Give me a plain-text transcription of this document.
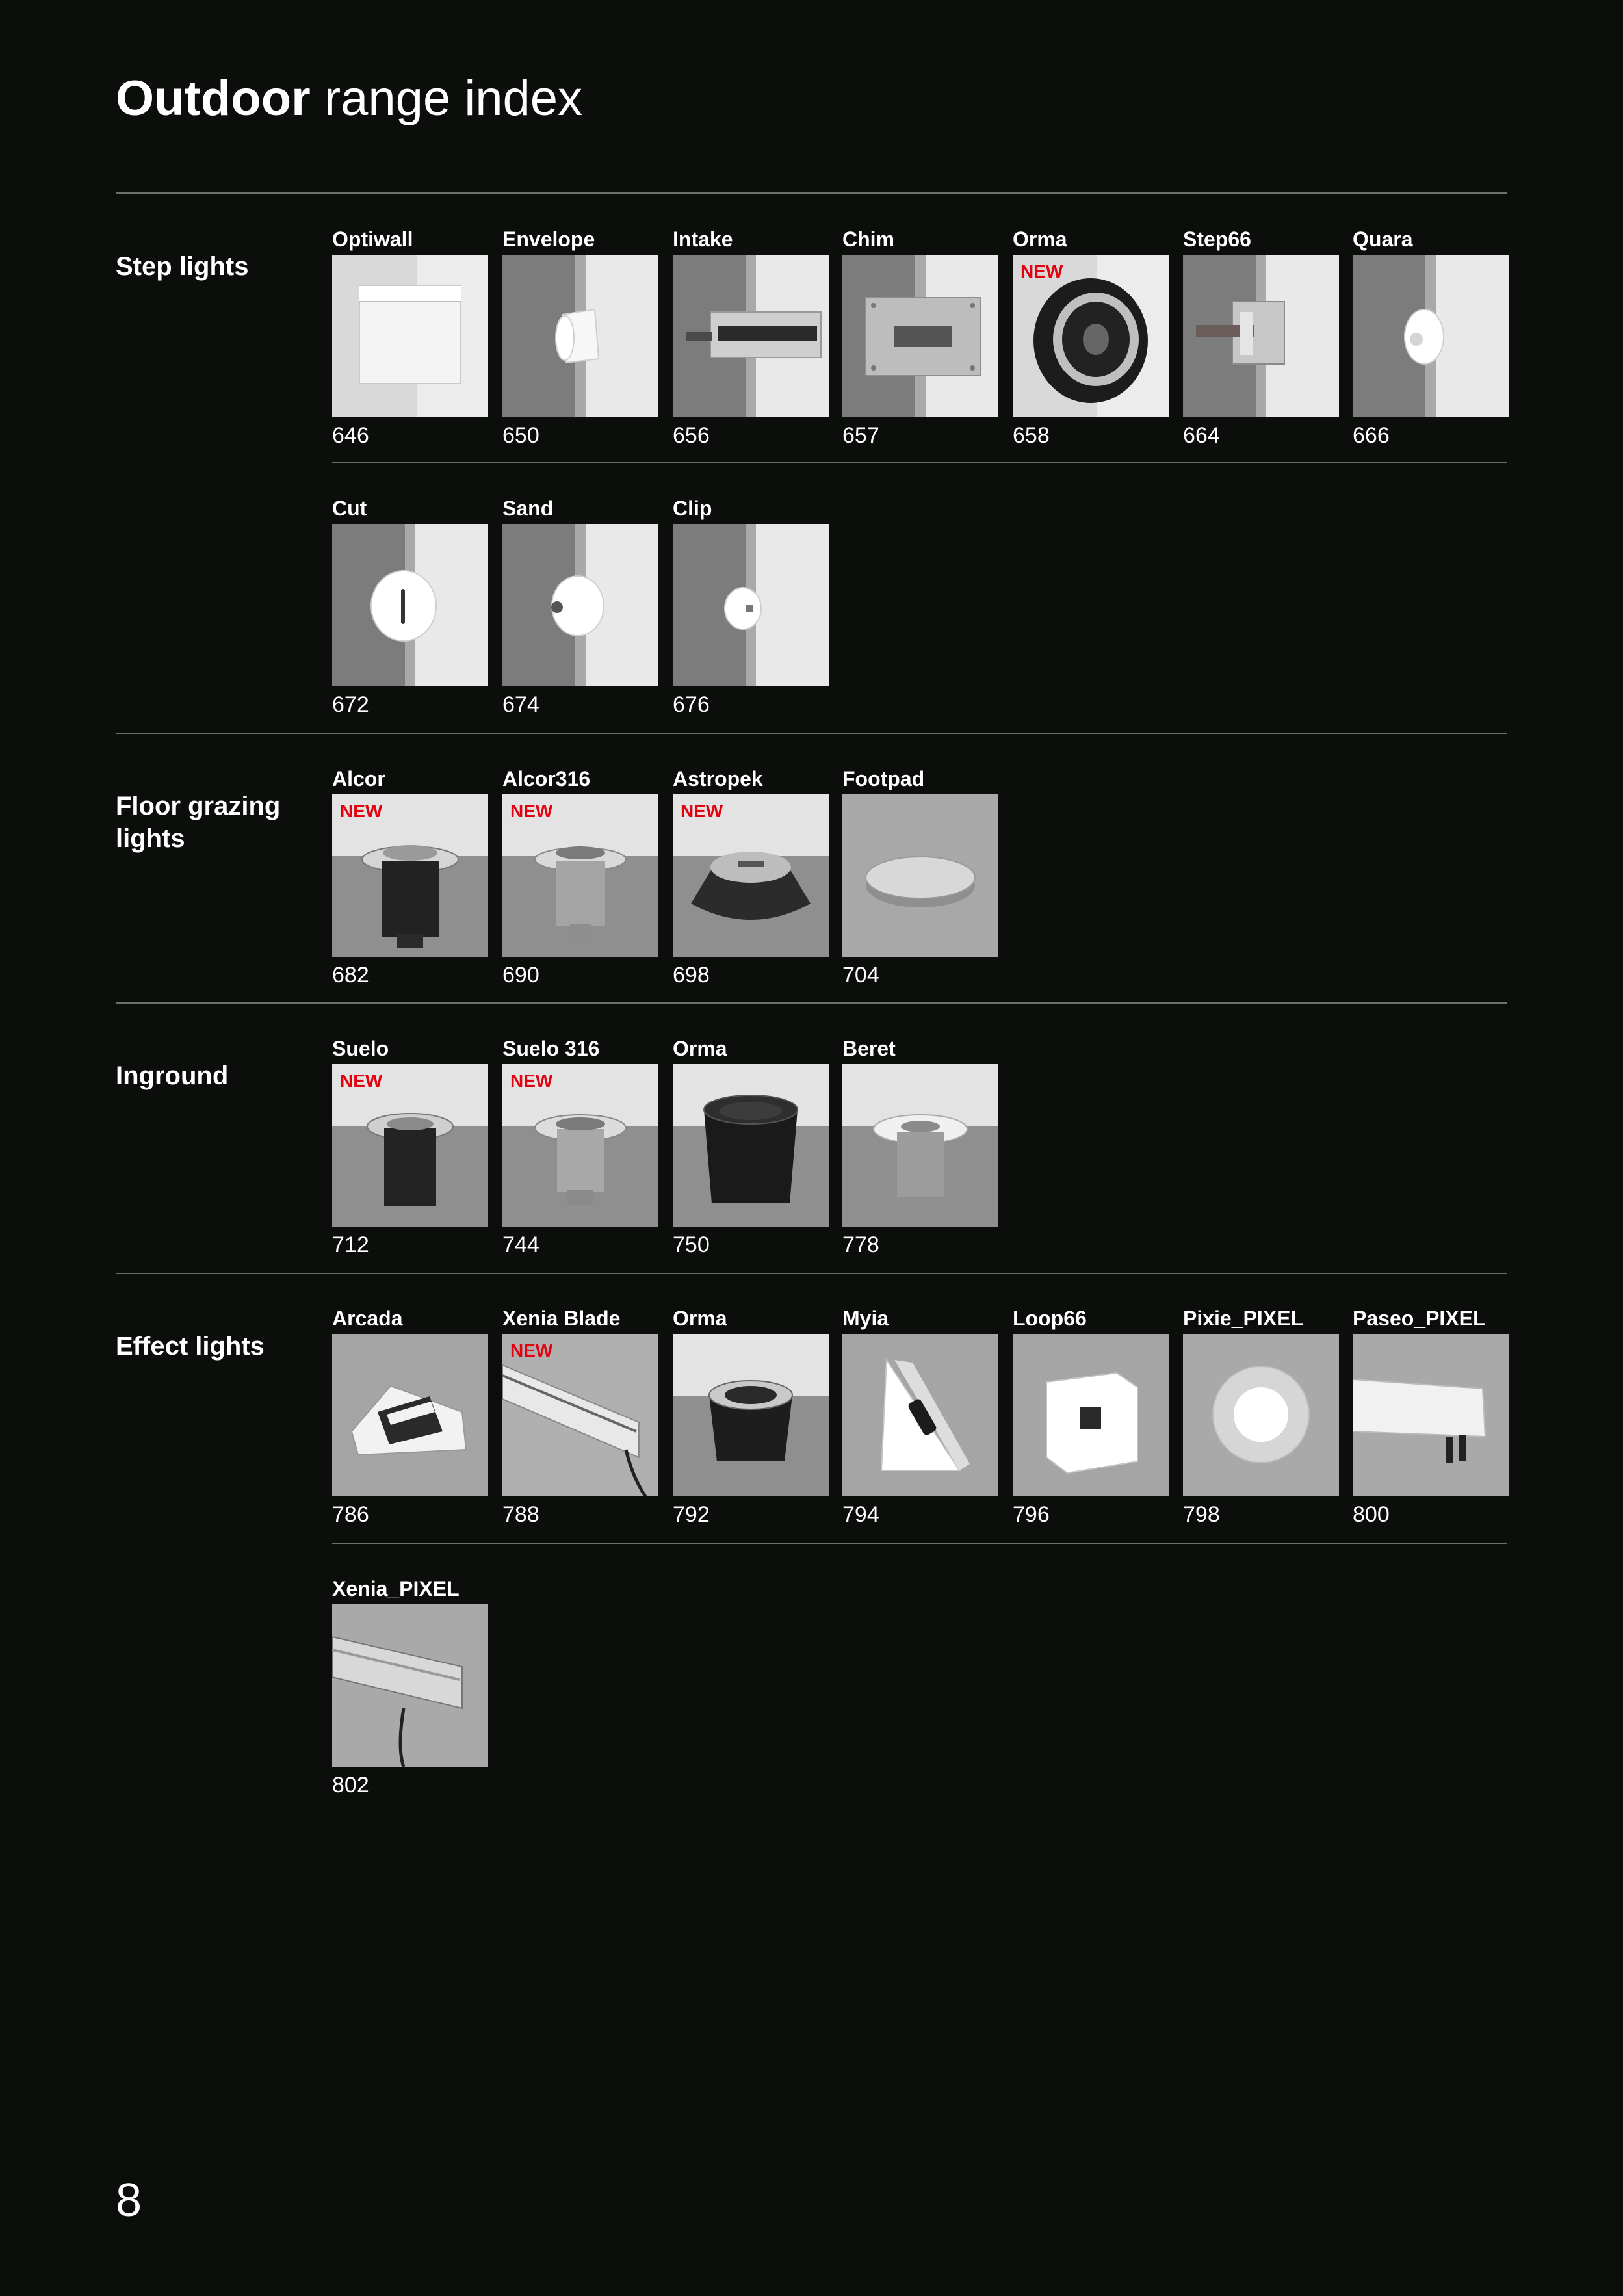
Outdoor range index
Step lights
Floor grazing lights
Inground
Effect lights
Optiwall
646
Envelope
650
Intake
656
Chim
657
Orma
NEW
658
Step66
664
Quara
666
Cut
672
Sand
674
Clip
676
Alcor
NEW
682
Alcor316
NEW
690
Astropek
NEW
698
Footpad
704
Suelo
NEW
712
Suelo 316
NEW
744
Orma
750
Beret
778
Arcada
786
Xenia Blade
NEW
788
Orma
792
Myia
794
Loop66
796
Pixie_PIXEL
798
Paseo_PIXEL
800
Xenia_PIXEL
802
8
